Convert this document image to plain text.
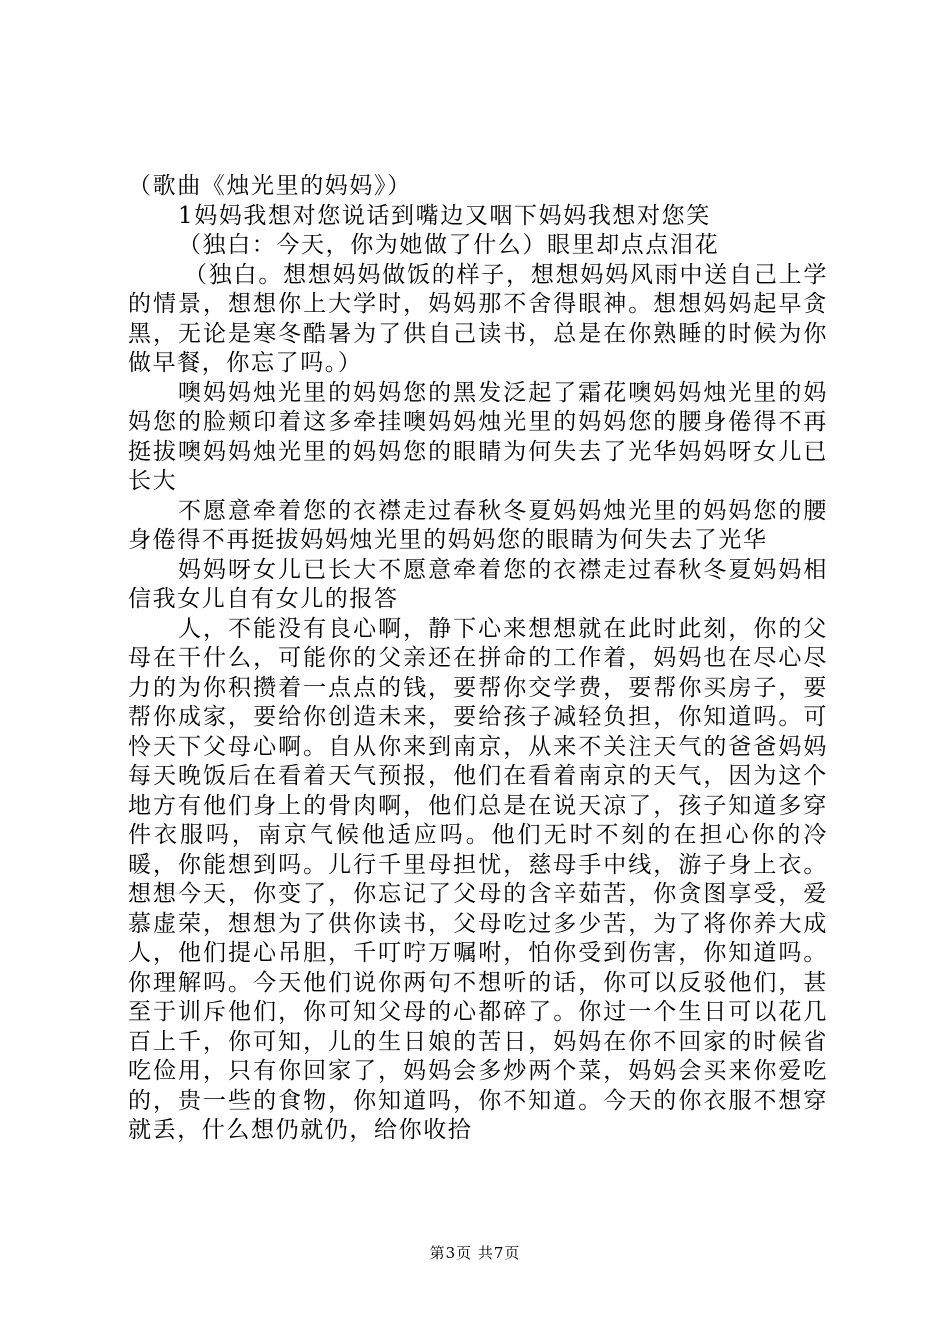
（歌曲《烛光里的妈妈》）

1妈妈我想对您说话到嘴边又咽下妈妈我想对您笑

（独白：今天，你为她做了什么）眼里却点点泪花

（独白。想想妈妈做饭的样子，想想妈妈风雨中送自己上学的情景，想想你上大学时，妈妈那不舍得眼神。想想妈妈起早贪黑，无论是寒冬酷暑为了供自己读书，总是在你熟睡的时候为你做早餐，你忘了吗。）

噢妈妈烛光里的妈妈您的黑发泛起了霜花噢妈妈烛光里的妈妈您的脸颊印着这多牵挂噢妈妈烛光里的妈妈您的腰身倦得不再挺拔噢妈妈烛光里的妈妈您的眼睛为何失去了光华妈妈呀女儿已长大

不愿意牵着您的衣襟走过春秋冬夏妈妈烛光里的妈妈您的腰身倦得不再挺拔妈妈烛光里的妈妈您的眼睛为何失去了光华

妈妈呀女儿已长大不愿意牵着您的衣襟走过春秋冬夏妈妈相信我女儿自有女儿的报答

人，不能没有良心啊，静下心来想想就在此时此刻，你的父母在干什么，可能你的父亲还在拼命的工作着，妈妈也在尽心尽力的为你积攒着一点点的钱，要帮你交学费，要帮你买房子，要帮你成家，要给你创造未来，要给孩子减轻负担，你知道吗。可怜天下父母心啊。自从你来到南京，从来不关注天气的爸爸妈妈每天晚饭后在看着天气预报，他们在看着南京的天气，因为这个地方有他们身上的骨肉啊，他们总是在说天凉了，孩子知道多穿件衣服吗，南京气候他适应吗。他们无时不刻的在担心你的冷暖，你能想到吗。儿行千里母担忧，慈母手中线，游子身上衣。想想今天，你变了，你忘记了父母的含辛茹苦，你贪图享受，爱慕虚荣，想想为了供你读书，父母吃过多少苦，为了将你养大成人，他们提心吊胆，千叮咛万嘱咐，怕你受到伤害，你知道吗。你理解吗。今天他们说你两句不想听的话，你可以反驳他们，甚至于训斥他们，你可知父母的心都碎了。你过一个生日可以花几百上千，你可知，儿的生日娘的苦日，妈妈在你不回家的时候省吃俭用，只有你回家了，妈妈会多炒两个菜，妈妈会买来你爱吃的，贵一些的食物，你知道吗，你不知道。今天的你衣服不想穿就丢，什么想仍就仍，给你收拾

第3页 共7页
